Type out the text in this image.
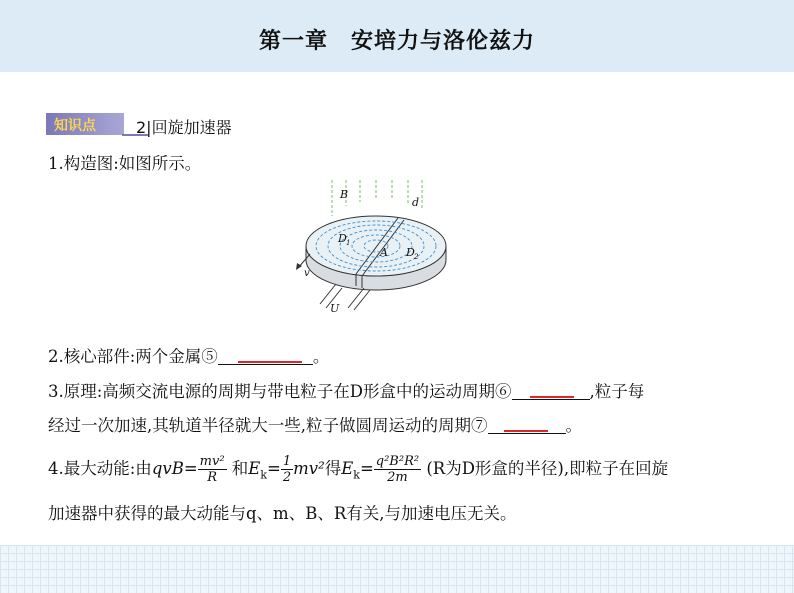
第一章　安培力与洛伦兹力
知识点	2|回旋加速器
1.构造图:如图所示。
B
d
D 1
A D 2
v
U
2.核心部件:两个金属⑤	。
3.原理:高频交流电源的周期与带电粒子在D形盒中的运动周期⑥	,粒子每
经过一次加速,其轨道半径就大一些,粒子做圆周运动的周期⑦	。
4.最大动能:由$qvB= \frac{\text{mv²}}{R}$ 和$E_k= \frac{1}{2} mv^2$得$E_k= \frac{\text{q²B²R²}}{2m} (R$为D形盒的半径),即粒子在回旋
加速器中获得的最大动能与q、m、B、R有关,与加速电压无关。
